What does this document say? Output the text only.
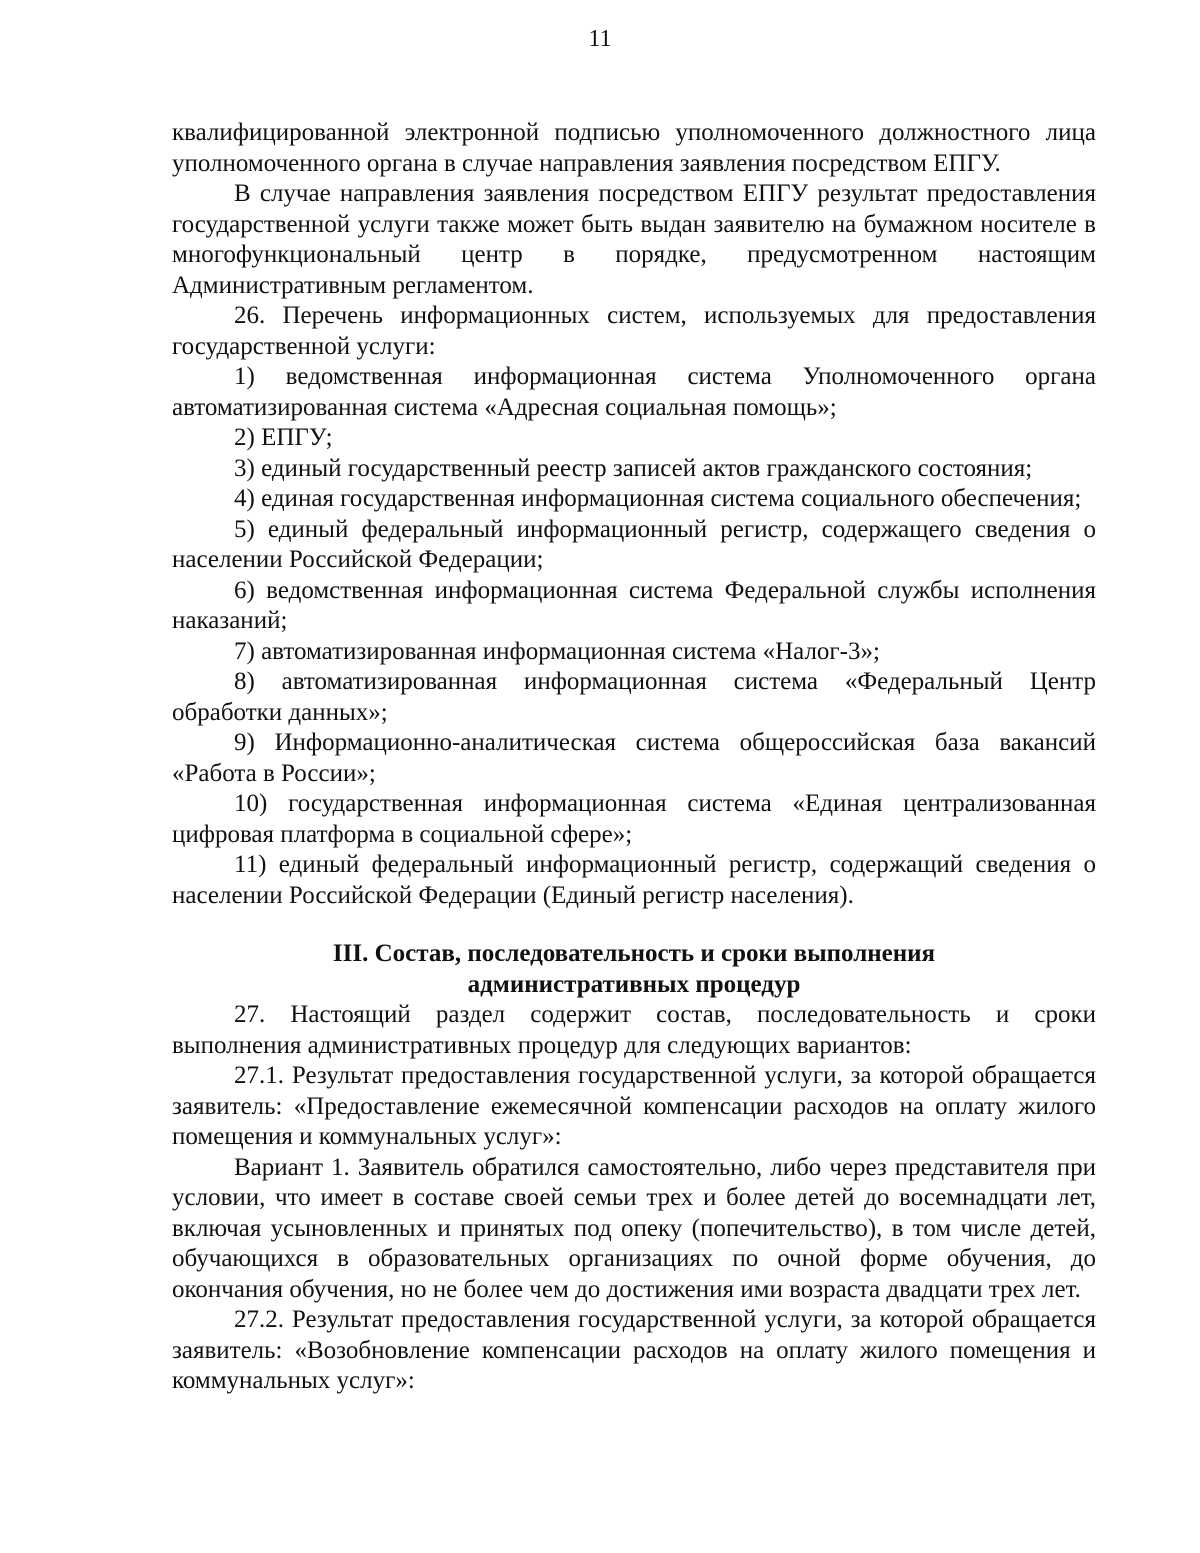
11

квалифицированной электронной подписью уполномоченного должностного лица уполномоченного органа в случае направления заявления посредством ЕПГУ.

В случае направления заявления посредством ЕПГУ результат предоставления государственной услуги также может быть выдан заявителю на бумажном носителе в многофункциональный центр в порядке, предусмотренном настоящим Административным регламентом.

26. Перечень информационных систем, используемых для предоставления государственной услуги:

1) ведомственная информационная система Уполномоченного органа автоматизированная система «Адресная социальная помощь»;

2) ЕПГУ;

3) единый государственный реестр записей актов гражданского состояния;

4) единая государственная информационная система социального обеспечения;

5) единый федеральный информационный регистр, содержащего сведения о населении Российской Федерации;

6) ведомственная информационная система Федеральной службы исполнения наказаний;

7) автоматизированная информационная система «Налог-3»;

8) автоматизированная информационная система «Федеральный Центр обработки данных»;

9) Информационно-аналитическая система общероссийская база вакансий «Работа в России»;

10) государственная информационная система «Единая централизованная цифровая платформа в социальной сфере»;

11) единый федеральный информационный регистр, содержащий сведения о населении Российской Федерации (Единый регистр населения).

III. Состав, последовательность и сроки выполнения
административных процедур

27. Настоящий раздел содержит состав, последовательность и сроки выполнения административных процедур для следующих вариантов:

27.1. Результат предоставления государственной услуги, за которой обращается заявитель: «Предоставление ежемесячной компенсации расходов на оплату жилого помещения и коммунальных услуг»:

Вариант 1. Заявитель обратился самостоятельно, либо через представителя при условии, что имеет в составе своей семьи трех и более детей до восемнадцати лет, включая усыновленных и принятых под опеку (попечительство), в том числе детей, обучающихся в образовательных организациях по очной форме обучения, до окончания обучения, но не более чем до достижения ими возраста двадцати трех лет.

27.2. Результат предоставления государственной услуги, за которой обращается заявитель: «Возобновление компенсации расходов на оплату жилого помещения и коммунальных услуг»:
